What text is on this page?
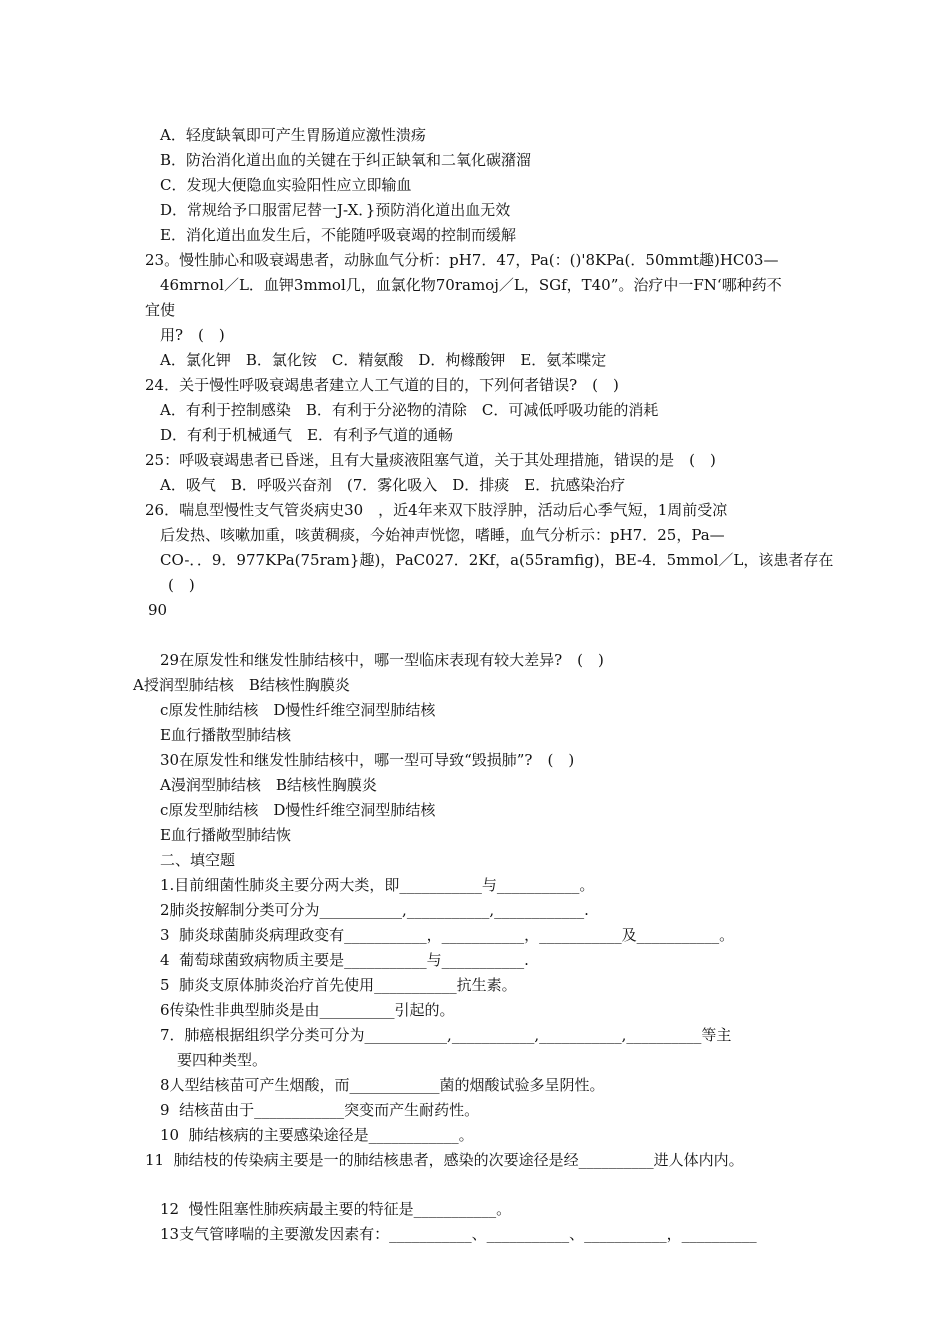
A．轻度缺氧即可产生胃肠道应激性溃疡
B．防治消化道出血的关键在于纠正缺氧和二氧化碳潴溜
C．发现大便隐血实验阳性应立即输血
D．常规给予口服雷尼替一J-X．}预防消化道出血无效
E．消化道出血发生后，不能随呼吸衰竭的控制而缓解
23。慢性肺心和吸衰竭患者，动脉血气分析：pH7．47，Pa(：()'8KPa(．50mmt趣)HC03—
46mrnol／L．血钾3mmol几，血氯化物70ramoj／L，SGf，T40”。治疗中一FN‘哪种药不
宜使
用?　(　)
A．氯化钾　B．氯化铵　C．精氨酸　D．枸橼酸钾　E．氨苯喋定
24．关于慢性呼吸衰竭患者建立人工气道的目的，下列何者错误?　(　)
A．有利于控制感染　B．有利于分泌物的清除　C．可减低呼吸功能的消耗
D．有利于机械通气　E．有利予气道的通畅
25：呼吸衰竭患者已昏迷，且有大量痰液阻塞气道，关于其处理措施，错误的是　(　)
A．吸气　B．呼吸兴奋剂　(7．雾化吸入　D．排痰　E．抗感染治疗
26．喘息型慢性支气管炎病史30　，近4年来双下肢浮肿，活动后心季气短，1周前受凉
后发热、咳嗽加重，咳黄稠痰，今始神声恍惚，嗜睡，血气分析示：pH7．25，Pa—
CO-．．9．977KPa(75ram}趣)，PaC027．2Kf，a(55ramfig)，BE-4．5mmol／L，该患者存在
(　)
90
29在原发性和继发性肺结核中，哪一型临床表现有较大差异?　(　)
A授润型肺结核　B结核性胸膜炎
c原发性肺结核　D慢性纤维空洞型肺结核
E血行播散型肺结核
30在原发性和继发性肺结核中，哪一型可导致“毁损肺”?　(　)
A漫润型肺结核　B结核性胸膜炎
c原发型肺结核　D慢性纤维空洞型肺结核
E血行播敞型肺结恢
二、填空题
1.目前细菌性肺炎主要分两大类，即___________与___________。
2肺炎按解制分类可分为___________,___________,____________.
3  肺炎球菌肺炎病理政变有___________，___________，___________及___________。
4  葡萄球菌致病物质主要是___________与___________.
5  肺炎支原体肺炎治疗首先使用___________抗生素。
6传染性非典型肺炎是由__________引起的。
7．肺癌根据组织学分类可分为___________,___________,___________,__________等主
要四种类型。
8人型结核苗可产生烟酸，而____________菌的烟酸试验多呈阴性。
9  结核苗由于____________突变而产生耐药性。
10  肺结核病的主要感染途径是____________。
11  肺结枝的传染病主要是一的肺结核患者，感染的次要途径是经__________进人体内内。
12  慢性阻塞性肺疾病最主要的特征是___________。
13支气管哮喘的主要激发因素有：___________、___________、___________，__________
